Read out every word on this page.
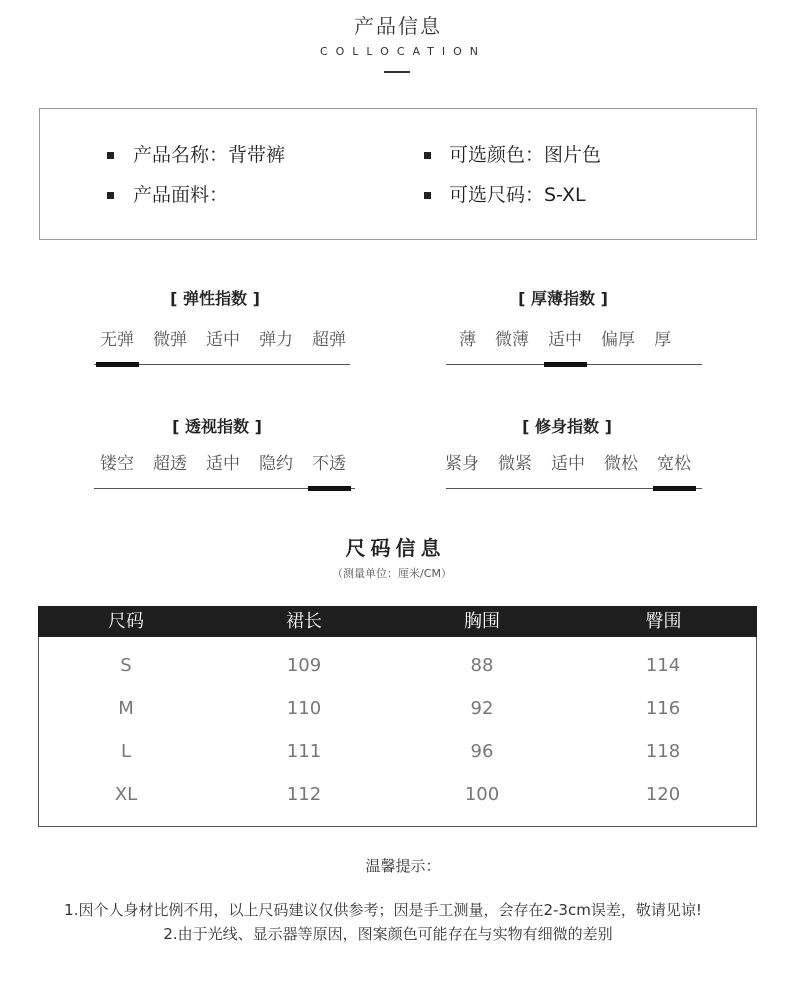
产品信息
COLLOCATION
产品名称：背带裤	可选颜色：图片色
产品面料：	可选尺码：S-XL
[ 弹性指数 ]
无弹 微弹 适中 弹力 超弹
[ 厚薄指数 ]
薄 微薄 适中 偏厚 厚
[ 透视指数 ]
镂空 超透 适中 隐约 不透
[ 修身指数 ]
紧身 微紧 适中 微松 宽松
尺码信息
（测量单位：厘米/CM）
尺码	裙长	胸围	臀围
S	109	88	114
M	110	92	116
L	111	96	118
XL	112	100	120
温馨提示：
1.因个人身材比例不用，以上尺码建议仅供参考；因是手工测量，会存在2-3cm误差，敬请见谅!
2.由于光线、显示器等原因，图案颜色可能存在与实物有细微的差别
